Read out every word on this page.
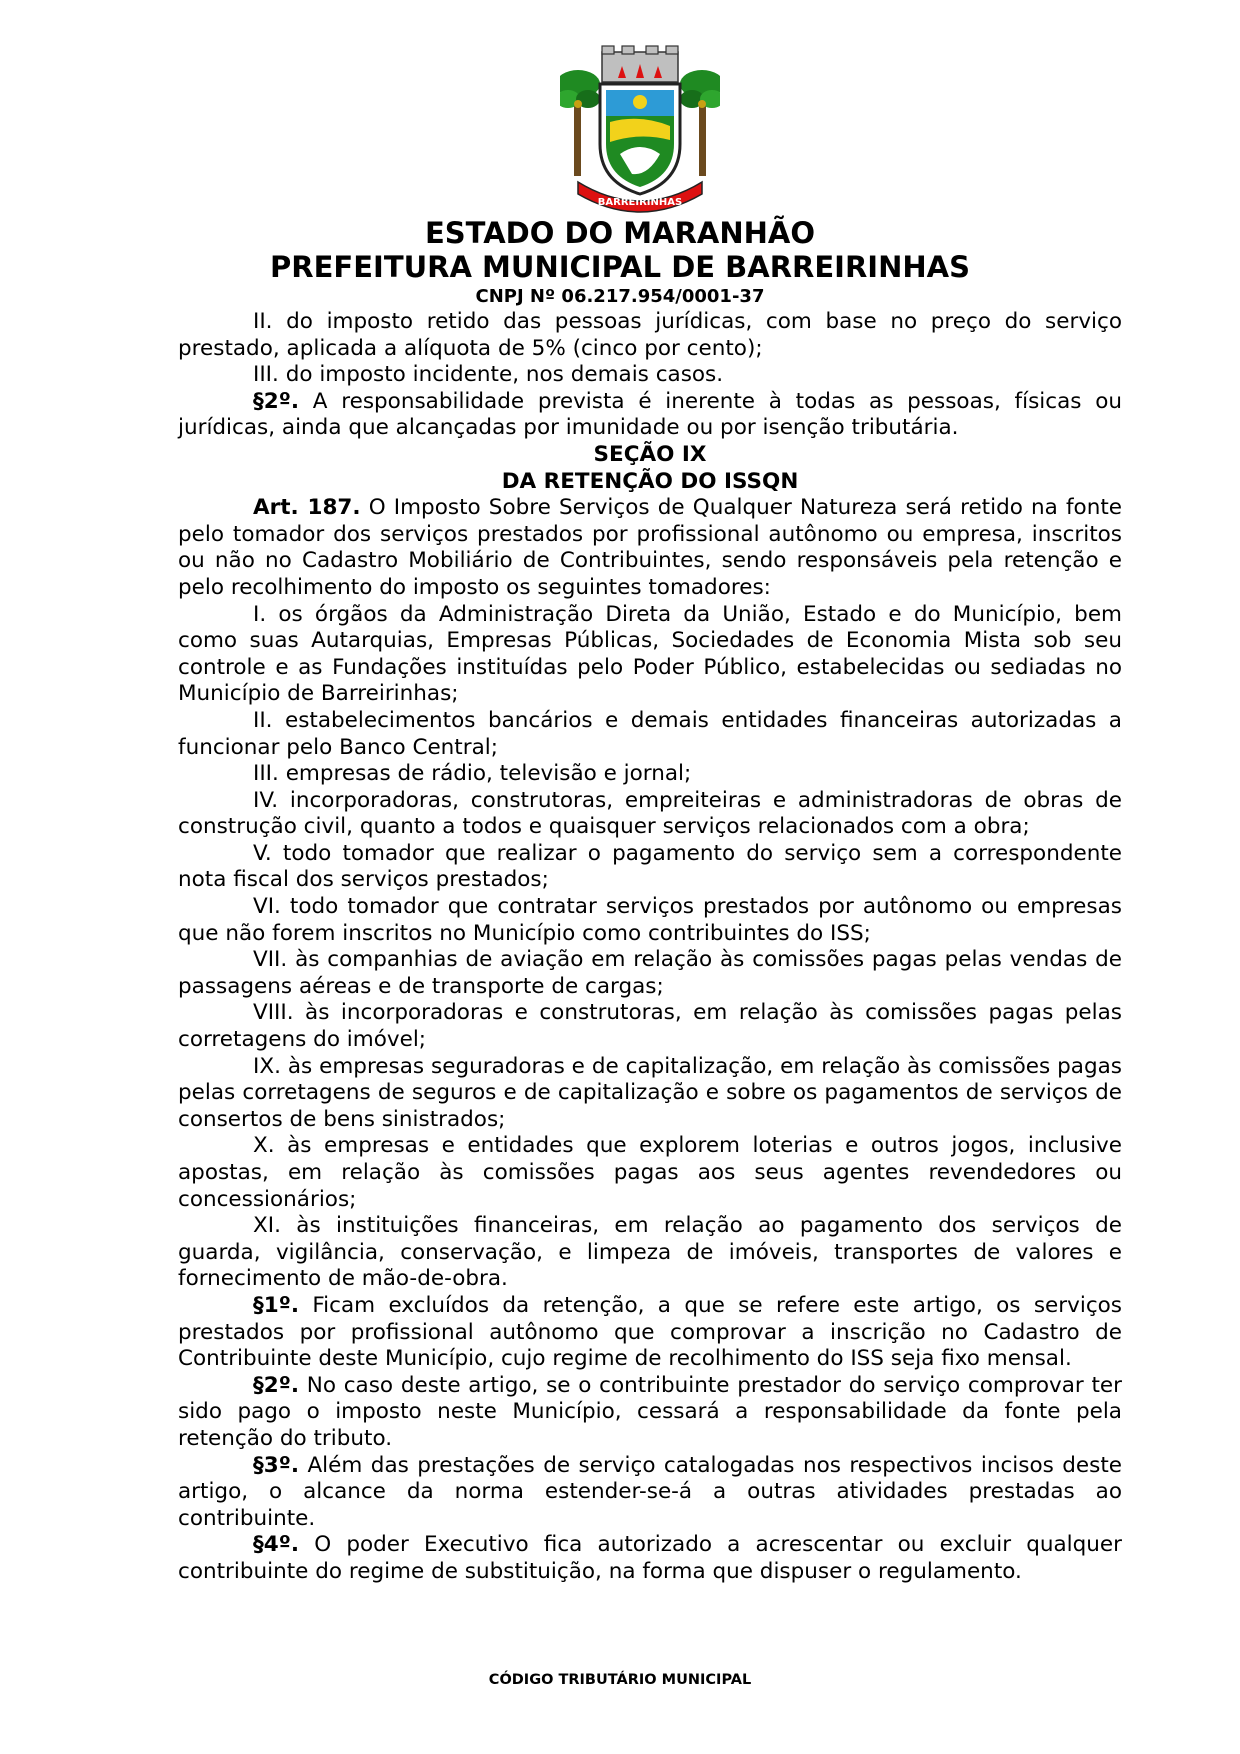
BARREIRINHAS
ESTADO DO MARANHÃO
PREFEITURA MUNICIPAL DE BARREIRINHAS
CNPJ Nº 06.217.954/0001-37

II. do imposto retido das pessoas jurídicas, com base no preço do serviço prestado, aplicada a alíquota de 5% (cinco por cento);

III. do imposto incidente, nos demais casos.

§2º. A responsabilidade prevista é inerente à todas as pessoas, físicas ou jurídicas, ainda que alcançadas por imunidade ou por isenção tributária.

SEÇÃO IX

DA RETENÇÃO DO ISSQN

Art. 187. O Imposto Sobre Serviços de Qualquer Natureza será retido na fonte pelo tomador dos serviços prestados por profissional autônomo ou empresa, inscritos ou não no Cadastro Mobiliário de Contribuintes, sendo responsáveis pela retenção e pelo recolhimento do imposto os seguintes tomadores:

I. os órgãos da Administração Direta da União, Estado e do Município, bem como suas Autarquias, Empresas Públicas, Sociedades de Economia Mista sob seu controle e as Fundações instituídas pelo Poder Público, estabelecidas ou sediadas no Município de Barreirinhas;

II. estabelecimentos bancários e demais entidades financeiras autorizadas a funcionar pelo Banco Central;

III. empresas de rádio, televisão e jornal;

IV. incorporadoras, construtoras, empreiteiras e administradoras de obras de construção civil, quanto a todos e quaisquer serviços relacionados com a obra;

V. todo tomador que realizar o pagamento do serviço sem a correspondente nota fiscal dos serviços prestados;

VI. todo tomador que contratar serviços prestados por autônomo ou empresas que não forem inscritos no Município como contribuintes do ISS;

VII. às companhias de aviação em relação às comissões pagas pelas vendas de passagens aéreas e de transporte de cargas;

VIII. às incorporadoras e construtoras, em relação às comissões pagas pelas corretagens do imóvel;

IX. às empresas seguradoras e de capitalização, em relação às comissões pagas pelas corretagens de seguros e de capitalização e sobre os pagamentos de serviços de consertos de bens sinistrados;

X. às empresas e entidades que explorem loterias e outros jogos, inclusive apostas, em relação às comissões pagas aos seus agentes revendedores ou concessionários;

XI. às instituições financeiras, em relação ao pagamento dos serviços de guarda, vigilância, conservação, e limpeza de imóveis, transportes de valores e fornecimento de mão-de-obra.

§1º. Ficam excluídos da retenção, a que se refere este artigo, os serviços prestados por profissional autônomo que comprovar a inscrição no Cadastro de Contribuinte deste Município, cujo regime de recolhimento do ISS seja fixo mensal.

§2º. No caso deste artigo, se o contribuinte prestador do serviço comprovar ter sido pago o imposto neste Município, cessará a responsabilidade da fonte pela retenção do tributo.

§3º. Além das prestações de serviço catalogadas nos respectivos incisos deste artigo, o alcance da norma estender-se-á a outras atividades prestadas ao contribuinte.

§4º. O poder Executivo fica autorizado a acrescentar ou excluir qualquer contribuinte do regime de substituição, na forma que dispuser o regulamento.

CÓDIGO TRIBUTÁRIO MUNICIPAL
